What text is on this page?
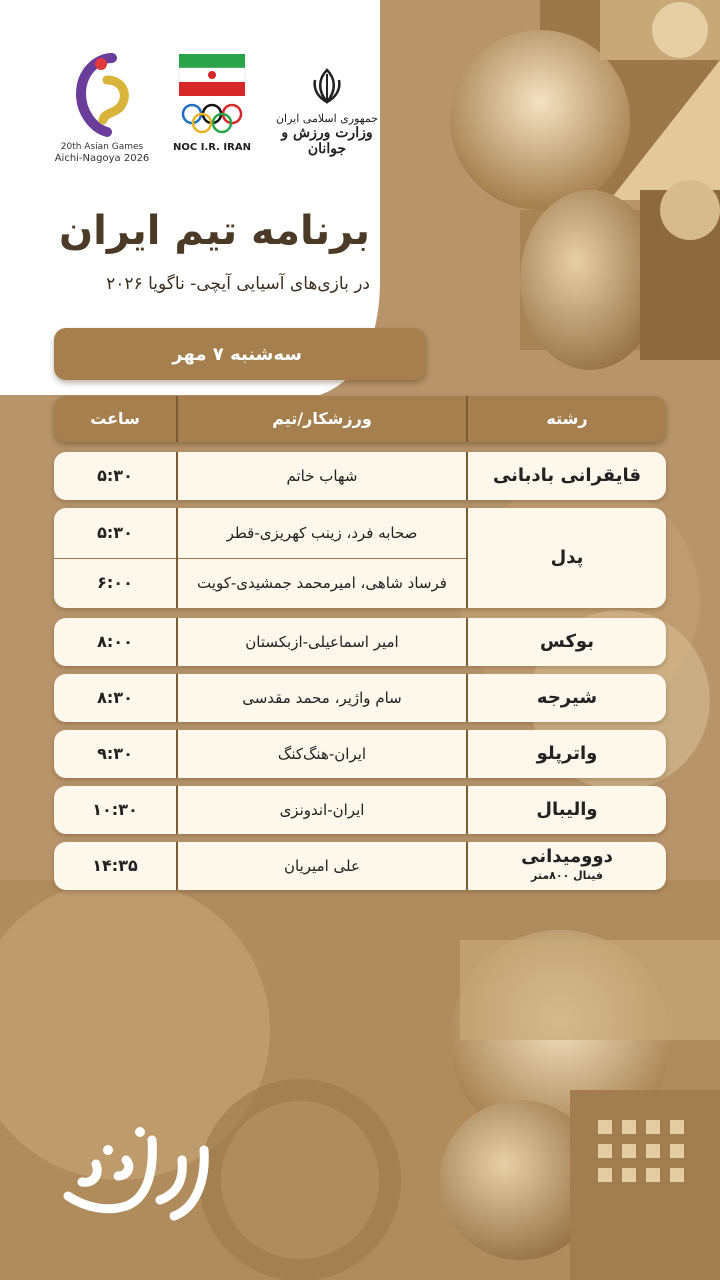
20th Asian Games
Aichi-Nagoya 2026
NOC I.R. IRAN
جمهوری اسلامی ایران
وزارت ورزش و جوانان
برنامه تیم ایران
در بازی‌های آسیایی آیچی- ناگویا ۲۰۲۶
سه‌شنبه ۷ مهر
ساعت	ورزشکار/تیم	رشته
۵:۳۰	شهاب خاتم	قایقرانی بادبانی
۵:۳۰	صحابه فرد، زینب کهریزی-قطر
۶:۰۰	فرساد شاهی، امیرمحمد جمشیدی-کویت
پدل
۸:۰۰	امیر اسماعیلی-ازبکستان	بوکس
۸:۳۰	سام واژیر، محمد مقدسی	شیرجه
۹:۳۰	ایران-هنگ‌کنگ	واترپلو
۱۰:۳۰	ایران-اندونزی	والیبال
۱۴:۳۵	علی امیریان	دوومیدانی
فینال ۸۰۰متر
